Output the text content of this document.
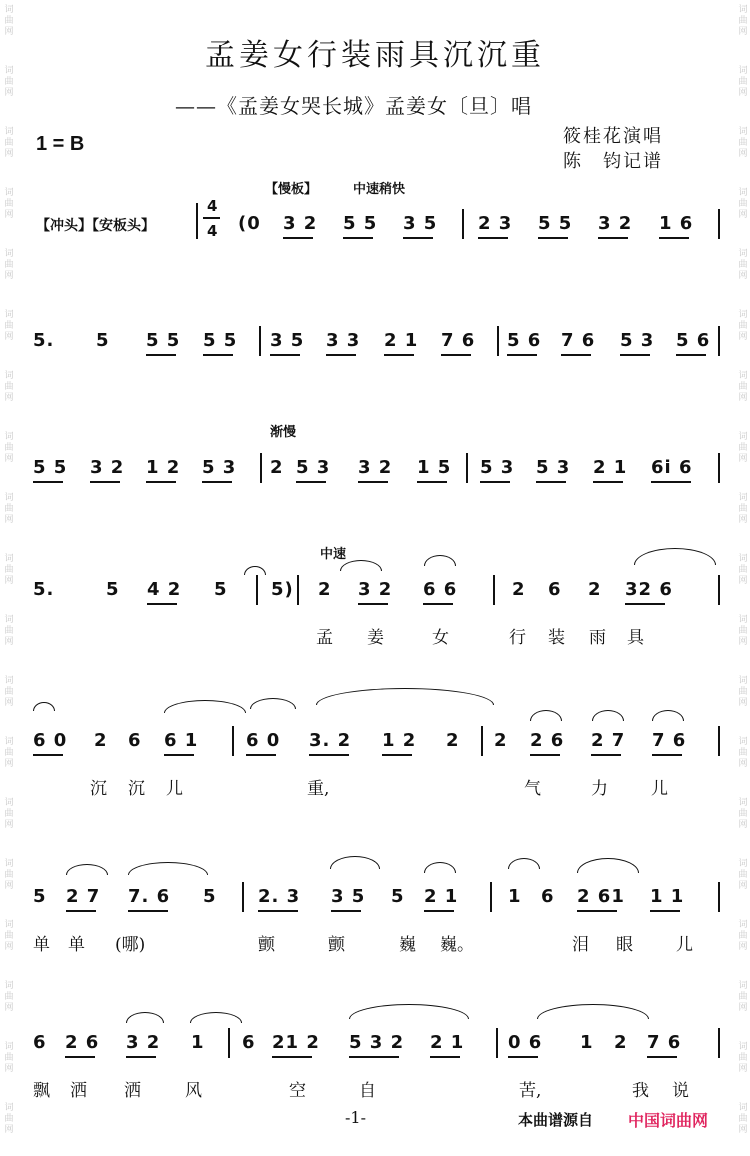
孟姜女行装雨具沉沉重
——《孟姜女哭长城》孟姜女〔旦〕唱
1 = B	筱桂花演唱
陈　钧记谱
【慢板】	中速稍快
渐慢
中速
【冲头】【安板头】
4
4
-1-	本曲谱源自 中国词曲网
词
曲
网
词
曲
网
词
曲
网
词
曲
网
词
曲
网
词
曲
网
词
曲
网
词
曲
网
词
曲
网
词
曲
网
词
曲
网
词
曲
网
词
曲
网
词
曲
网
词
曲
网
词
曲
网
词
曲
网
词
曲
网
词
曲
网
词
曲
网
词
曲
网
词
曲
网
词
曲
网
词
曲
网
词
曲
网
词
曲
网
词
曲
网
词
曲
网
词
曲
网
词
曲
网
词
曲
网
词
曲
网
词
曲
网
词
曲
网
词
曲
网
词
曲
网
词
曲
网
词
曲
网
(0 3 2 5 5 3 5 2 3 5 5 3 2 1 6
5. 5 5 5 5 5 3 5 3 3 2 1 7 6 5 6 7 6 5 3 5 6
5 5 3 2 1 2 5 3 2 5 3 3 2 1 5 5 3 5 3 2 1 6i 6
5.	5 4 2 5 5) 2 3 2 6 6	2 6 2 32 6
孟 姜	女	行 装 雨 具
6 0 2 6 6 1	6 0 3. 2 1 2 2 2 2 6 2 7 7 6
沉 沉 儿	重,	气	力	儿
5 2 7 7. 6 5 2. 3 3 5 5 2 1	1 6 2 61 1 1
单 单 (哪)	颤	颤	巍 巍。	泪 眼	儿
6 2 6 3 2 1 6 21 2 5 3 2 2 1 0 6 1 2 7 6
飘 洒 洒	风	空	自	苦,	我 说
